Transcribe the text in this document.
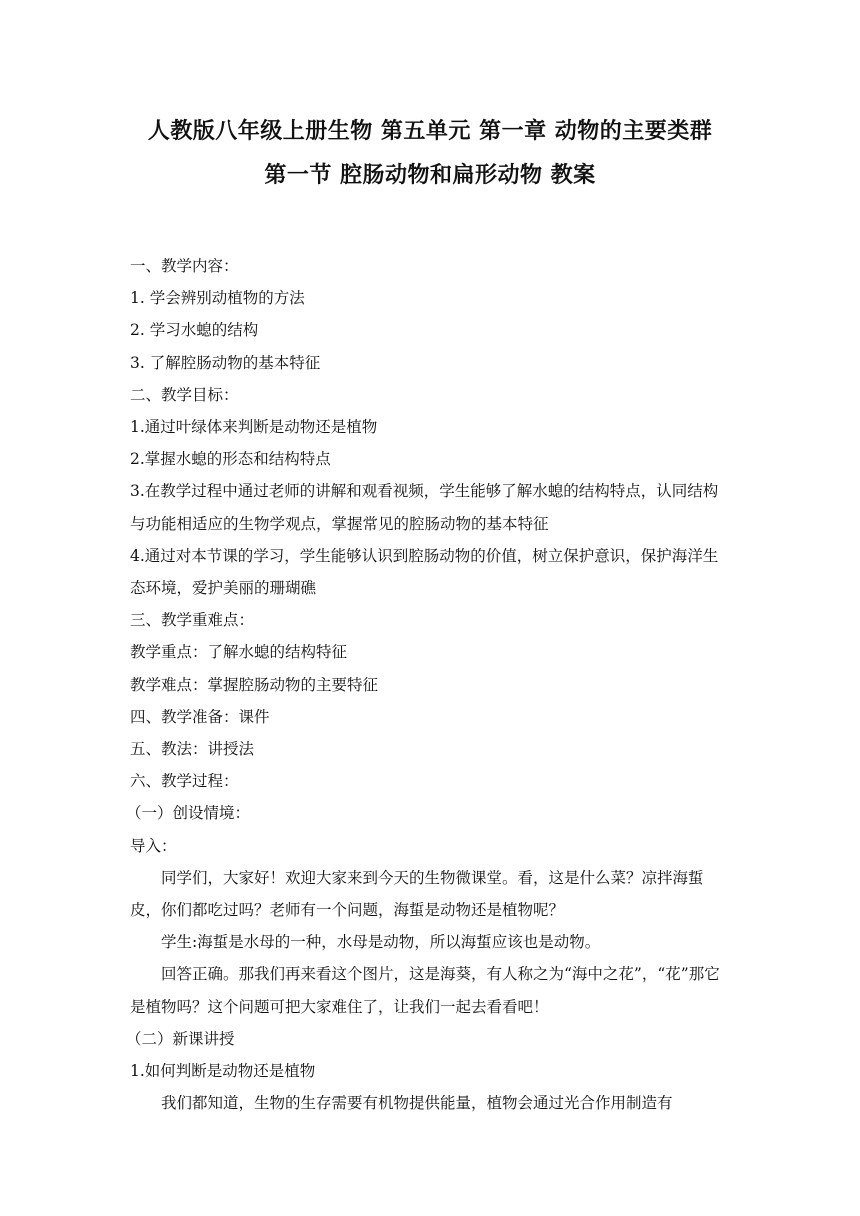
人教版八年级上册生物 第五单元 第一章 动物的主要类群
第一节 腔肠动物和扁形动物 教案

一、教学内容：

1. 学会辨别动植物的方法

2. 学习水螅的结构

3. 了解腔肠动物的基本特征

二、教学目标：

1.通过叶绿体来判断是动物还是植物

2.掌握水螅的形态和结构特点

3.在教学过程中通过老师的讲解和观看视频，学生能够了解水螅的结构特点，认同结构与功能相适应的生物学观点，掌握常见的腔肠动物的基本特征

4.通过对本节课的学习，学生能够认识到腔肠动物的价值，树立保护意识，保护海洋生态环境，爱护美丽的珊瑚礁

三、教学重难点：

教学重点：了解水螅的结构特征

教学难点：掌握腔肠动物的主要特征

四、教学准备：课件

五、教法：讲授法

六、教学过程：

（一）创设情境：

导入：

同学们，大家好！欢迎大家来到今天的生物微课堂。看，这是什么菜？凉拌海蜇皮，你们都吃过吗？老师有一个问题，海蜇是动物还是植物呢？

学生:海蜇是水母的一种，水母是动物，所以海蜇应该也是动物。

回答正确。那我们再来看这个图片，这是海葵，有人称之为“海中之花”，“花”那它是植物吗？这个问题可把大家难住了，让我们一起去看看吧！

（二）新课讲授

1.如何判断是动物还是植物

我们都知道，生物的生存需要有机物提供能量，植物会通过光合作用制造有
